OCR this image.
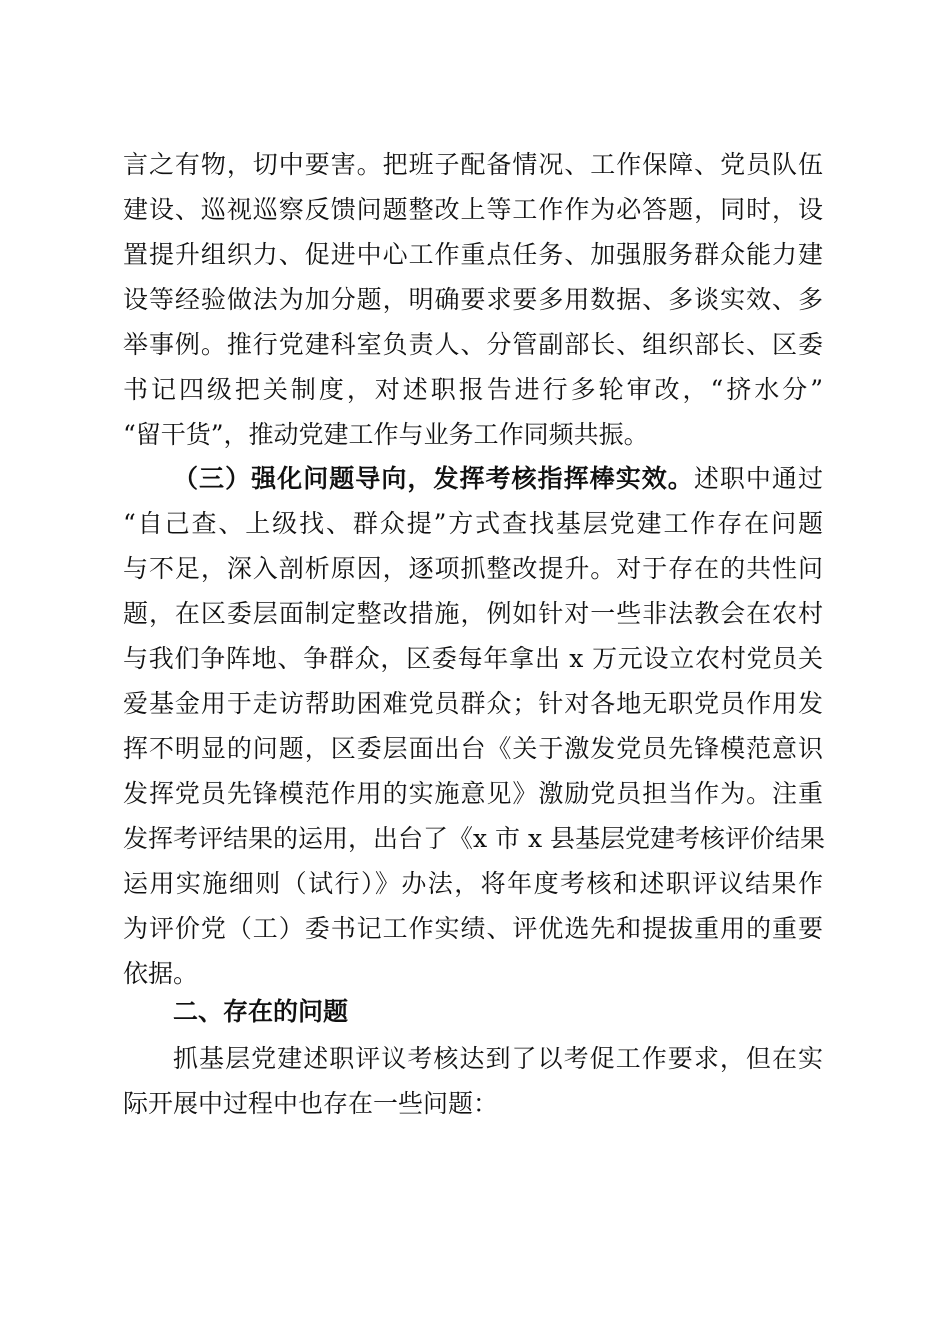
言之有物，切中要害。把班子配备情况、工作保障、党员队伍
建设、巡视巡察反馈问题整改上等工作作为必答题，同时，设
置提升组织力、促进中心工作重点任务、加强服务群众能力建
设等经验做法为加分题，明确要求要多用数据、多谈实效、多
举事例。推行党建科室负责人、分管副部长、组织部长、区委
书记四级把关制度，对述职报告进行多轮审改，“挤水分”
“留干货”，推动党建工作与业务工作同频共振。
（三）强化问题导向，发挥考核指挥棒实效。述职中通过
“自己查、上级找、群众提”方式查找基层党建工作存在问题
与不足，深入剖析原因，逐项抓整改提升。对于存在的共性问
题，在区委层面制定整改措施，例如针对一些非法教会在农村
与我们争阵地、争群众，区委每年拿出 x 万元设立农村党员关
爱基金用于走访帮助困难党员群众；针对各地无职党员作用发
挥不明显的问题，区委层面出台《关于激发党员先锋模范意识
发挥党员先锋模范作用的实施意见》激励党员担当作为。注重
发挥考评结果的运用，出台了《x 市 x 县基层党建考核评价结果
运用实施细则（试行）》办法，将年度考核和述职评议结果作
为评价党（工）委书记工作实绩、评优选先和提拔重用的重要
依据。
二、存在的问题
抓基层党建述职评议考核达到了以考促工作要求，但在实
际开展中过程中也存在一些问题：
